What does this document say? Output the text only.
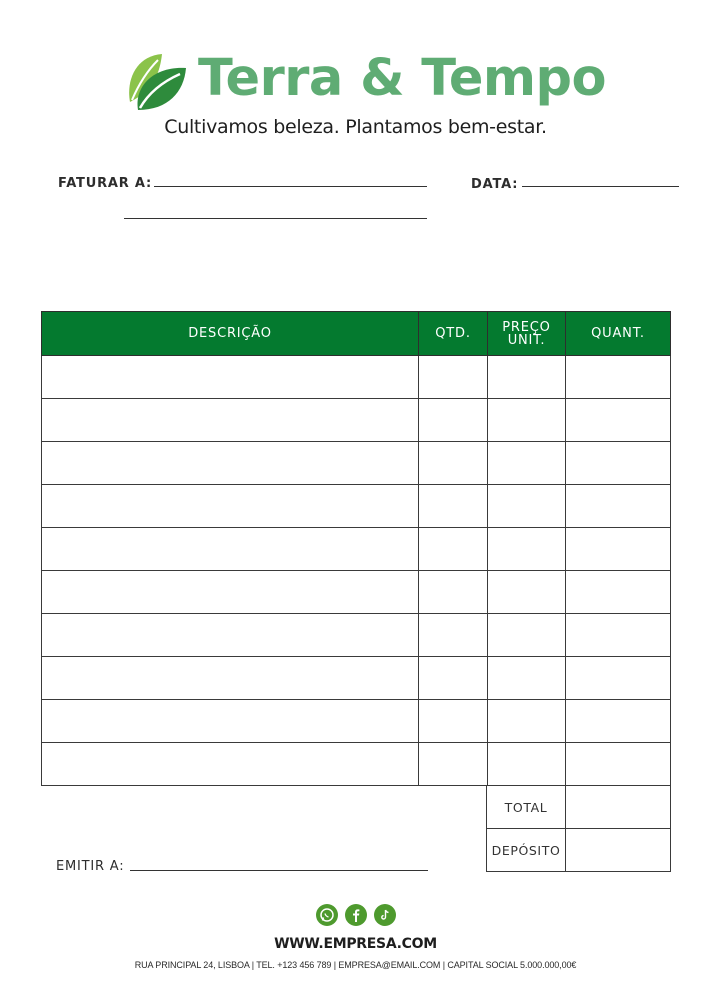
Terra & Tempo
Cultivamos beleza. Plantamos bem-estar.
FATURAR A:	DATA:
DESCRIÇÃO	QTD.	PREÇO UNIT.	QUANT.

TOTAL	
DEPÓSITO	
EMITIR A:
WWW.EMPRESA.COM
RUA PRINCIPAL 24, LISBOA | TEL. +123 456 789 | EMPRESA@EMAIL.COM | CAPITAL SOCIAL 5.000.000,00€
